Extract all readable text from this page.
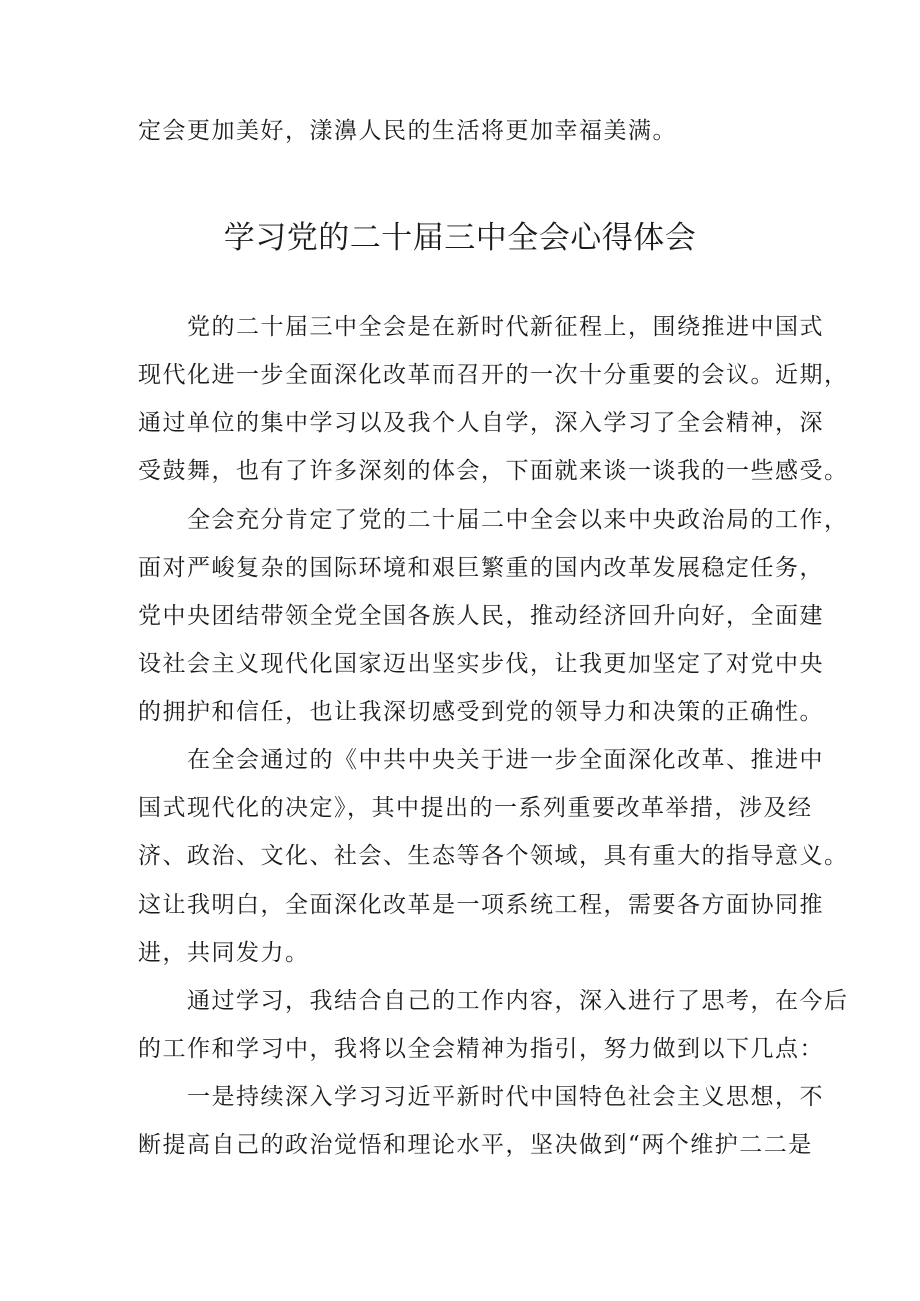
定会更加美好，漾濞人民的生活将更加幸福美满。
学习党的二十届三中全会心得体会
　　党的二十届三中全会是在新时代新征程上，围绕推进中国式
现代化进一步全面深化改革而召开的一次十分重要的会议。近期，
通过单位的集中学习以及我个人自学，深入学习了全会精神，深
受鼓舞，也有了许多深刻的体会，下面就来谈一谈我的一些感受。
　　全会充分肯定了党的二十届二中全会以来中央政治局的工作，
面对严峻复杂的国际环境和艰巨繁重的国内改革发展稳定任务，
党中央团结带领全党全国各族人民，推动经济回升向好，全面建
设社会主义现代化国家迈出坚实步伐，让我更加坚定了对党中央
的拥护和信任，也让我深切感受到党的领导力和决策的正确性。
　　在全会通过的《中共中央关于进一步全面深化改革、推进中
国式现代化的决定》，其中提出的一系列重要改革举措，涉及经
济、政治、文化、社会、生态等各个领域，具有重大的指导意义。
这让我明白，全面深化改革是一项系统工程，需要各方面协同推
进，共同发力。
　　通过学习，我结合自己的工作内容，深入进行了思考，在今后
的工作和学习中，我将以全会精神为指引，努力做到以下几点：
　　一是持续深入学习习近平新时代中国特色社会主义思想，不
断提高自己的政治觉悟和理论水平，坚决做到“两个维护二二是
